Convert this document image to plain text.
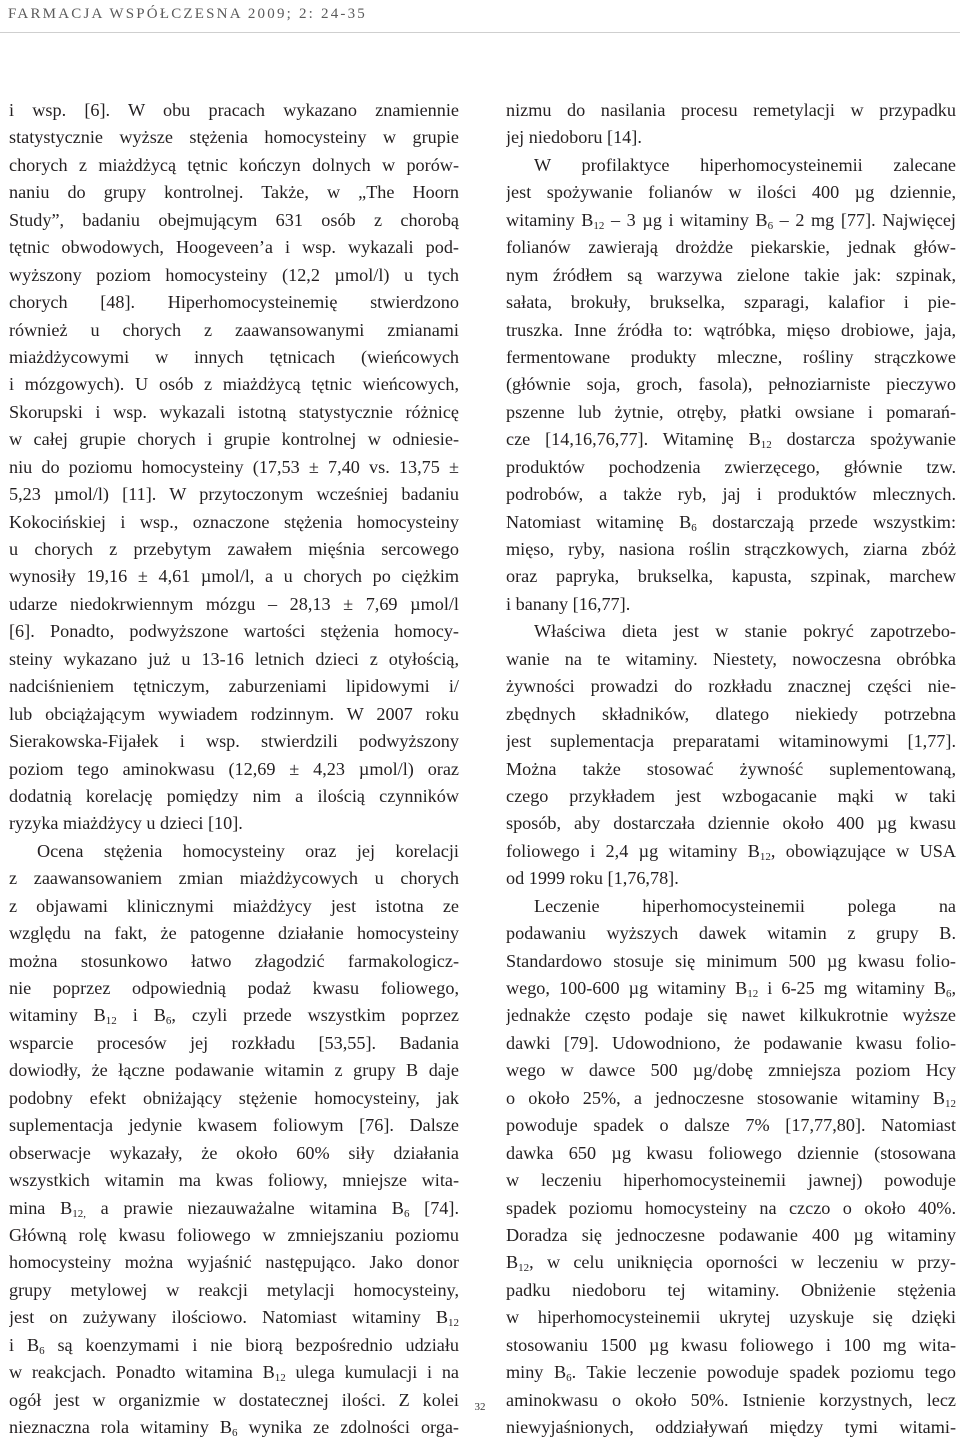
FARMACJA WSPÓŁCZESNA 2009; 2: 24-35
i wsp. [6]. W obu pracach wykazano znamiennie
statystycznie wyższe stężenia homocysteiny w grupie
chorych z miażdżycą tętnic kończyn dolnych w porów-
naniu do grupy kontrolnej. Także, w „The Hoorn
Study”, badaniu obejmującym 631 osób z chorobą
tętnic obwodowych, Hoogeveen’a i wsp. wykazali pod-
wyższony poziom homocysteiny (12,2 µmol/l) u tych
chorych [48]. Hiperhomocysteinemię stwierdzono
również u chorych z zaawansowanymi zmianami
miażdżycowymi w innych tętnicach (wieńcowych
i mózgowych). U osób z miażdżycą tętnic wieńcowych,
Skorupski i wsp. wykazali istotną statystycznie różnicę
w całej grupie chorych i grupie kontrolnej w odniesie-
niu do poziomu homocysteiny (17,53 ± 7,40 vs. 13,75 ±
5,23 µmol/l) [11]. W przytoczonym wcześniej badaniu
Kokocińskiej i wsp., oznaczone stężenia homocysteiny
u chorych z przebytym zawałem mięśnia sercowego
wynosiły 19,16 ± 4,61 µmol/l, a u chorych po ciężkim
udarze niedokrwiennym mózgu – 28,13 ± 7,69 µmol/l
[6]. Ponadto, podwyższone wartości stężenia homocy-
steiny wykazano już u 13-16 letnich dzieci z otyłością,
nadciśnieniem tętniczym, zaburzeniami lipidowymi i/
lub obciążającym wywiadem rodzinnym. W 2007 roku
Sierakowska-Fijałek i wsp. stwierdzili podwyższony
poziom tego aminokwasu (12,69 ± 4,23 µmol/l) oraz
dodatnią korelację pomiędzy nim a ilością czynników
ryzyka miażdżycy u dzieci [10].
Ocena stężenia homocysteiny oraz jej korelacji
z zaawansowaniem zmian miażdżycowych u chorych
z objawami klinicznymi miażdżycy jest istotna ze
względu na fakt, że patogenne działanie homocysteiny
można stosunkowo łatwo złagodzić farmakologicz-
nie poprzez odpowiednią podaż kwasu foliowego,
witaminy $B_{12}$ i $B_6$, czyli przede wszystkim poprzez
wsparcie procesów jej rozkładu [53,55]. Badania
dowiodły, że łączne podawanie witamin z grupy B daje
podobny efekt obniżający stężenie homocysteiny, jak
suplementacja jedynie kwasem foliowym [76]. Dalsze
obserwacje wykazały, że około 60% siły działania
wszystkich witamin ma kwas foliowy, mniejsze wita-
mina $B_{12,}$ a prawie niezauważalne witamina $B_6$ [74].
Główną rolę kwasu foliowego w zmniejszaniu poziomu
homocysteiny można wyjaśnić następująco. Jako donor
grupy metylowej w reakcji metylacji homocysteiny,
jest on zużywany ilościowo. Natomiast witaminy $B_{12}$
i $B_6$ są koenzymami i nie biorą bezpośrednio udziału
w reakcjach. Ponadto witamina $B_{12}$ ulega kumulacji i na
ogół jest w organizmie w dostatecznej ilości. Z kolei
nieznaczna rola witaminy $B_6$ wynika ze zdolności orga-
nizmu do nasilania procesu remetylacji w przypadku
jej niedoboru [14].
W profilaktyce hiperhomocysteinemii zalecane
jest spożywanie folianów w ilości 400 µg dziennie,
witaminy $B_{12} - 3$ µg i witaminy $B_6 - 2$ mg [77]. Najwięcej
folianów zawierają drożdże piekarskie, jednak głów-
nym źródłem są warzywa zielone takie jak: szpinak,
sałata, brokuły, brukselka, szparagi, kalafior i pie-
truszka. Inne źródła to: wątróbka, mięso drobiowe, jaja,
fermentowane produkty mleczne, rośliny strączkowe
(głównie soja, groch, fasola), pełnoziarniste pieczywo
pszenne lub żytnie, otręby, płatki owsiane i pomarań-
cze [14,16,76,77]. Witaminę $B_{12}$ dostarcza spożywanie
produktów pochodzenia zwierzęcego, głównie tzw.
podrobów, a także ryb, jaj i produktów mlecznych.
Natomiast witaminę $B_6$ dostarczają przede wszystkim:
mięso, ryby, nasiona roślin strączkowych, ziarna zbóż
oraz papryka, brukselka, kapusta, szpinak, marchew
i banany [16,77].
Właściwa dieta jest w stanie pokryć zapotrzebo-
wanie na te witaminy. Niestety, nowoczesna obróbka
żywności prowadzi do rozkładu znacznej części nie-
zbędnych składników, dlatego niekiedy potrzebna
jest suplementacja preparatami witaminowymi [1,77].
Można także stosować żywność suplementowaną,
czego przykładem jest wzbogacanie mąki w taki
sposób, aby dostarczała dziennie około 400 µg kwasu
foliowego i 2,4 µg witaminy $B_{12}$, obowiązujące w USA
od 1999 roku [1,76,78].
Leczenie hiperhomocysteinemii polega na
podawaniu wyższych dawek witamin z grupy B.
Standardowo stosuje się minimum 500 µg kwasu folio-
wego, 100-600 µg witaminy $B_{12}$ i 6-25 mg witaminy $B_6$,
jednakże często podaje się nawet kilkukrotnie wyższe
dawki [79]. Udowodniono, że podawanie kwasu folio-
wego w dawce 500 µg/dobę zmniejsza poziom Hcy
o około 25%, a jednoczesne stosowanie witaminy $B_{12}$
powoduje spadek o dalsze 7% [17,77,80]. Natomiast
dawka 650 µg kwasu foliowego dziennie (stosowana
w leczeniu hiperhomocysteinemii jawnej) powoduje
spadek poziomu homocysteiny na czczo o około 40%.
Doradza się jednoczesne podawanie 400 µg witaminy
$B_{12}$, w celu uniknięcia oporności w leczeniu w przy-
padku niedoboru tej witaminy. Obniżenie stężenia
w hiperhomocysteinemii ukrytej uzyskuje się dzięki
stosowaniu 1500 µg kwasu foliowego i 100 mg wita-
miny $B_6$. Takie leczenie powoduje spadek poziomu tego
aminokwasu o około 50%. Istnienie korzystnych, lecz
niewyjaśnionych, oddziaływań między tymi witami-
32
